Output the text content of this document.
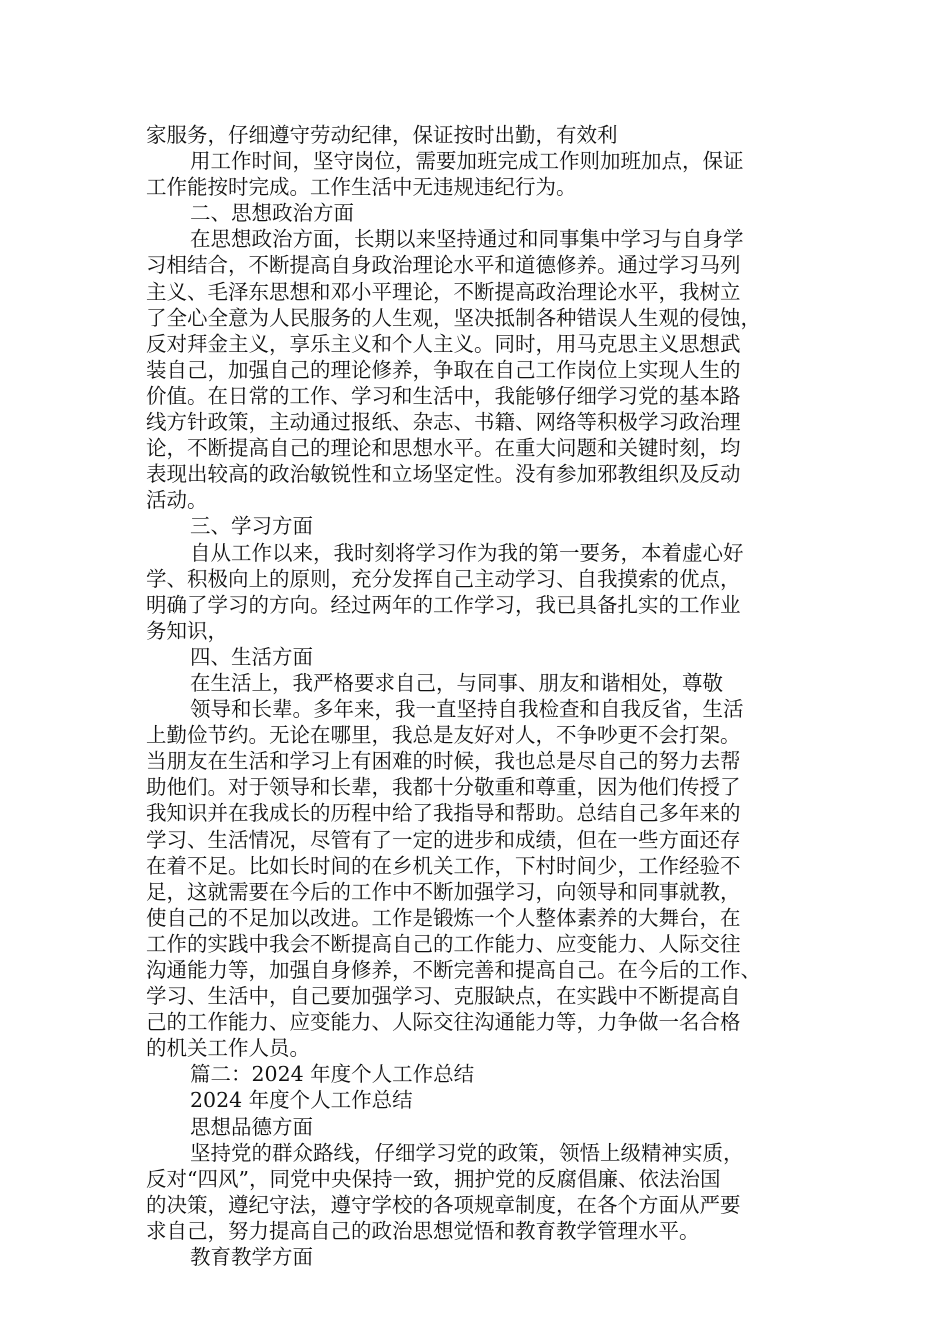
家服务，仔细遵守劳动纪律，保证按时出勤，有效利
用工作时间，坚守岗位，需要加班完成工作则加班加点，保证
工作能按时完成。工作生活中无违规违纪行为。
二、思想政治方面
在思想政治方面，长期以来坚持通过和同事集中学习与自身学
习相结合，不断提高自身政治理论水平和道德修养。通过学习马列
主义、毛泽东思想和邓小平理论，不断提高政治理论水平，我树立
了全心全意为人民服务的人生观，坚决抵制各种错误人生观的侵蚀，
反对拜金主义，享乐主义和个人主义。同时，用马克思主义思想武
装自己，加强自己的理论修养，争取在自己工作岗位上实现人生的
价值。在日常的工作、学习和生活中，我能够仔细学习党的基本路
线方针政策，主动通过报纸、杂志、书籍、网络等积极学习政治理
论，不断提高自己的理论和思想水平。在重大问题和关键时刻，均
表现出较高的政治敏锐性和立场坚定性。没有参加邪教组织及反动
活动。
三、学习方面
自从工作以来，我时刻将学习作为我的第一要务，本着虚心好
学、积极向上的原则，充分发挥自己主动学习、自我摸索的优点，
明确了学习的方向。经过两年的工作学习，我已具备扎实的工作业
务知识，
四、生活方面
在生活上，我严格要求自己，与同事、朋友和谐相处，尊敬
领导和长辈。多年来，我一直坚持自我检查和自我反省，生活
上勤俭节约。无论在哪里，我总是友好对人，不争吵更不会打架。
当朋友在生活和学习上有困难的时候，我也总是尽自己的努力去帮
助他们。对于领导和长辈，我都十分敬重和尊重，因为他们传授了
我知识并在我成长的历程中给了我指导和帮助。总结自己多年来的
学习、生活情况，尽管有了一定的进步和成绩，但在一些方面还存
在着不足。比如长时间的在乡机关工作，下村时间少，工作经验不
足，这就需要在今后的工作中不断加强学习，向领导和同事就教，
使自己的不足加以改进。工作是锻炼一个人整体素养的大舞台，在
工作的实践中我会不断提高自己的工作能力、应变能力、人际交往
沟通能力等，加强自身修养，不断完善和提高自己。在今后的工作、
学习、生活中，自己要加强学习、克服缺点，在实践中不断提高自
己的工作能力、应变能力、人际交往沟通能力等，力争做一名合格
的机关工作人员。
篇二：2024 年度个人工作总结
2024 年度个人工作总结
思想品德方面
坚持党的群众路线，仔细学习党的政策，领悟上级精神实质，
反对“四风”，同党中央保持一致，拥护党的反腐倡廉、依法治国
的决策，遵纪守法，遵守学校的各项规章制度，在各个方面从严要
求自己，努力提高自己的政治思想觉悟和教育教学管理水平。
教育教学方面
